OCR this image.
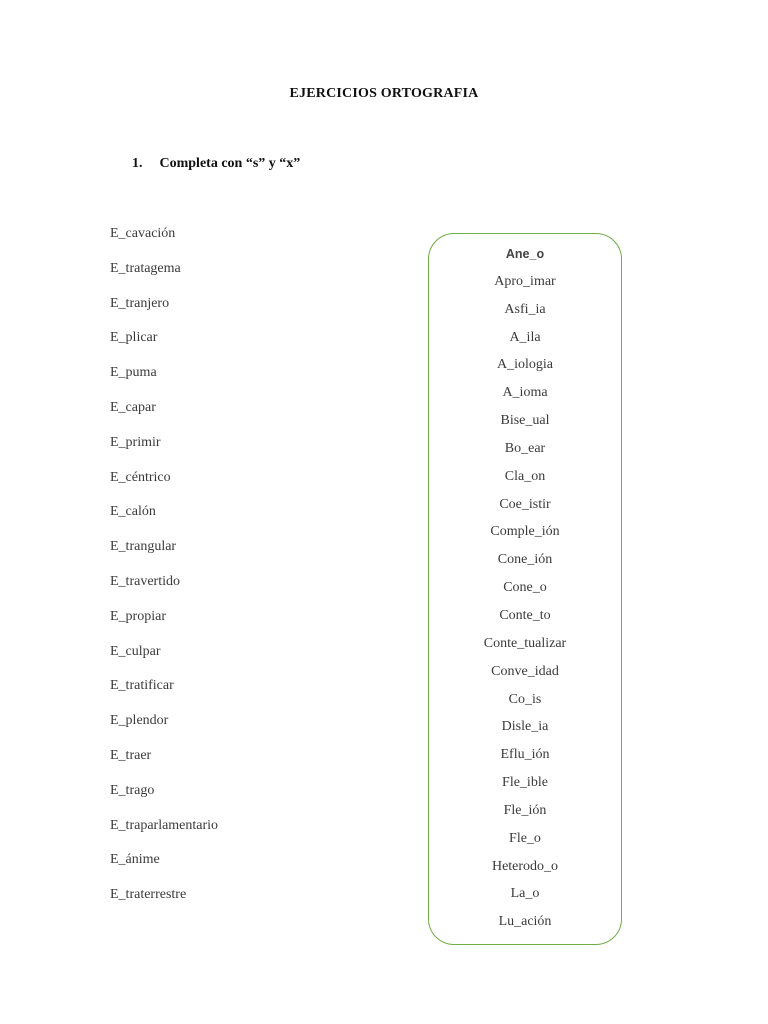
EJERCICIOS ORTOGRAFIA
1. Completa con “s” y “x”
E_cavación
E_tratagema
E_tranjero
E_plicar
E_puma
E_capar
E_primir
E_céntrico
E_calón
E_trangular
E_travertido
E_propiar
E_culpar
E_tratificar
E_plendor
E_traer
E_trago
E_traparlamentario
E_ánime
E_traterrestre
Ane_o
Apro_imar
Asfi_ia
A_ila
A_iologia
A_ioma
Bise_ual
Bo_ear
Cla_on
Coe_istir
Comple_ión
Cone_ión
Cone_o
Conte_to
Conte_tualizar
Conve_idad
Co_is
Disle_ia
Eflu_ión
Fle_ible
Fle_ión
Fle_o
Heterodo_o
La_o
Lu_ación
